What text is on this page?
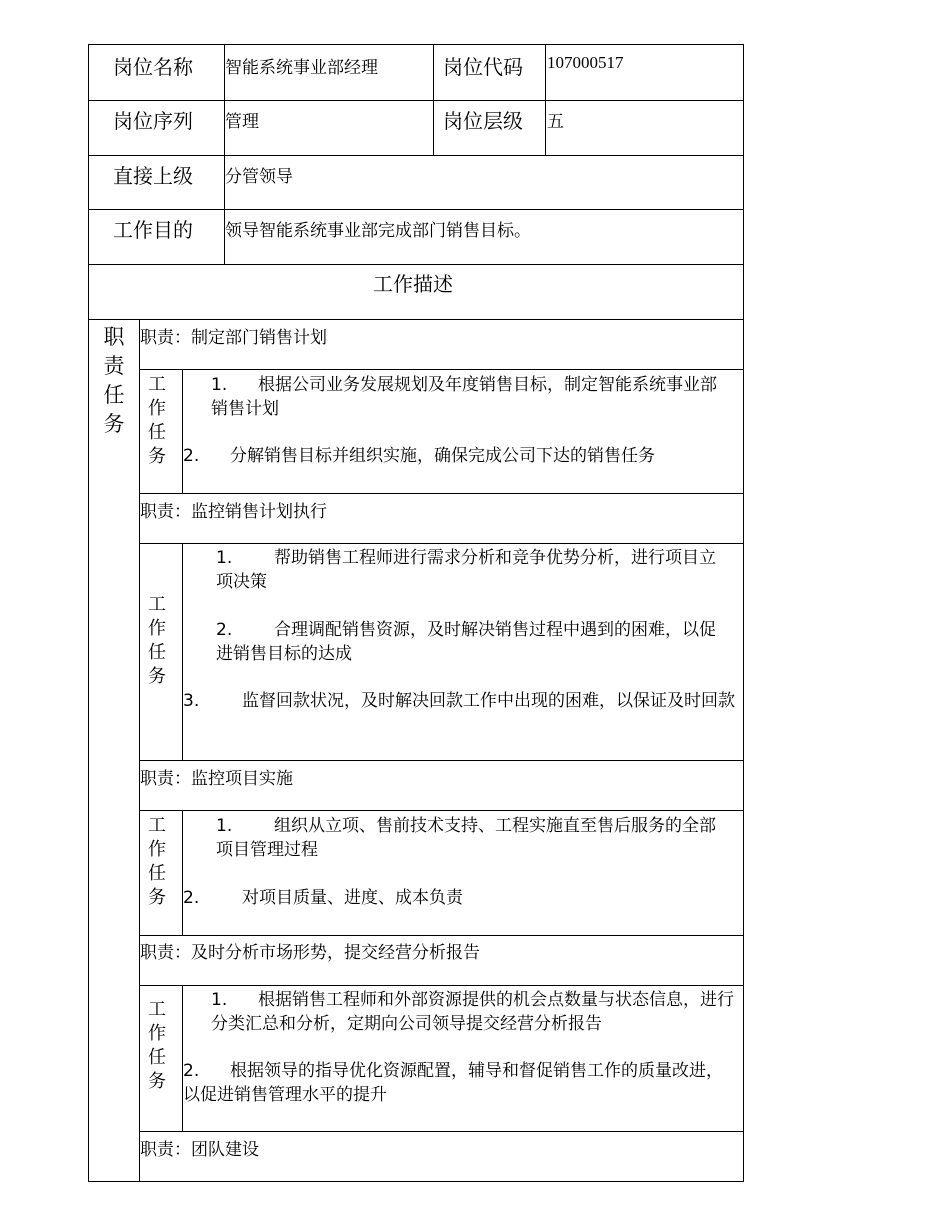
岗位名称 智能系统事业部经理	岗位代码 107000517
岗位序列 管理	岗位层级 五
直接上级 分管领导
工作目的 领导智能系统事业部完成部门销售目标。
工作描述
职责任务
职责：制定部门销售计划
工作任务
1. 根据公司业务发展规划及年度销售目标，制定智能系统事业部销售计划
2. 分解销售目标并组织实施，确保完成公司下达的销售任务
职责：监控销售计划执行
工作任务
1. 帮助销售工程师进行需求分析和竞争优势分析，进行项目立项决策
2. 合理调配销售资源，及时解决销售过程中遇到的困难，以促进销售目标的达成
3.	监督回款状况，及时解决回款工作中出现的困难，以保证及时回款
职责：监控项目实施
工作任务
1. 组织从立项、售前技术支持、工程实施直至售后服务的全部项目管理过程
2.	对项目质量、进度、成本负责
职责：及时分析市场形势，提交经营分析报告
工作任务
1. 根据销售工程师和外部资源提供的机会点数量与状态信息，进行分类汇总和分析，定期向公司领导提交经营分析报告
2. 根据领导的指导优化资源配置，辅导和督促销售工作的质量改进，以促进销售管理水平的提升
职责：团队建设
